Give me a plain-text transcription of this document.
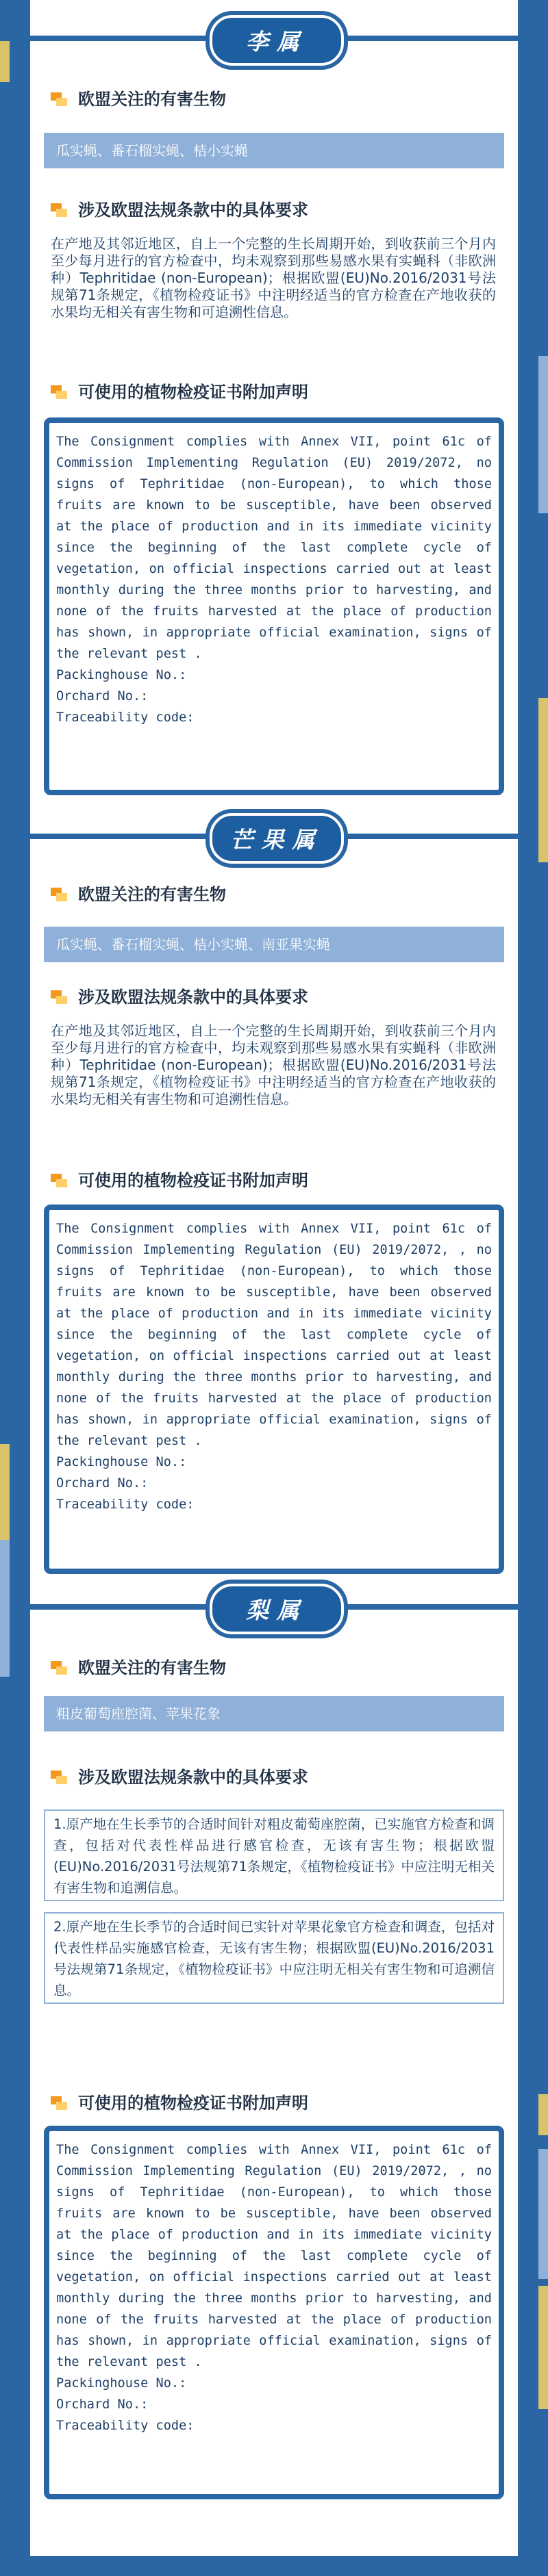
李属
欧盟关注的有害生物
瓜实蝇、番石榴实蝇、桔小实蝇
涉及欧盟法规条款中的具体要求

在产地及其邻近地区，自上一个完整的生长周期开始，到收获前三个月内至少每月进行的官方检查中，均未观察到那些易感水果有实蝇科（非欧洲种）Tephritidae (non-European)；根据欧盟(EU)No.2016/2031号法规第71条规定，《植物检疫证书》中注明经适当的官方检查在产地收获的水果均无相关有害生物和可追溯性信息。

可使用的植物检疫证书附加声明
The Consignment complies with Annex VII, point 61c of Commission Implementing Regulation (EU) 2019/2072, no signs of Tephritidae (non-European), to which those fruits are known to be susceptible, have been observed at the place of production and in its immediate vicinity since the beginning of the last complete cycle of vegetation, on official inspections carried out at least monthly during the three months prior to harvesting, and none of the fruits harvested at the place of production has shown, in appropriate official examination, signs of the relevant pest .
Packinghouse No.:
Orchard No.:
Traceability code:
芒果属
欧盟关注的有害生物
瓜实蝇、番石榴实蝇、桔小实蝇、南亚果实蝇
涉及欧盟法规条款中的具体要求

在产地及其邻近地区，自上一个完整的生长周期开始，到收获前三个月内至少每月进行的官方检查中，均未观察到那些易感水果有实蝇科（非欧洲种）Tephritidae (non-European)；根据欧盟(EU)No.2016/2031号法规第71条规定，《植物检疫证书》中注明经适当的官方检查在产地收获的水果均无相关有害生物和可追溯性信息。

可使用的植物检疫证书附加声明
The Consignment complies with Annex VII, point 61c of Commission Implementing Regulation (EU) 2019/2072, , no signs of Tephritidae (non-European), to which those fruits are known to be susceptible, have been observed at the place of production and in its immediate vicinity since the beginning of the last complete cycle of vegetation, on official inspections carried out at least monthly during the three months prior to harvesting, and none of the fruits harvested at the place of production has shown, in appropriate official examination, signs of the relevant pest .
Packinghouse No.:
Orchard No.:
Traceability code:
梨属
欧盟关注的有害生物
粗皮葡萄座腔菌、苹果花象
涉及欧盟法规条款中的具体要求
1.原产地在生长季节的合适时间针对粗皮葡萄座腔菌，已实施官方检查和调查，包括对代表性样品进行感官检查，无该有害生物；根据欧盟(EU)No.2016/2031号法规第71条规定，《植物检疫证书》中应注明无相关有害生物和追溯信息。
2.原产地在生长季节的合适时间已实针对苹果花象官方检查和调查，包括对代表性样品实施感官检查，无该有害生物；根据欧盟(EU)No.2016/2031号法规第71条规定，《植物检疫证书》中应注明无相关有害生物和可追溯信息。
可使用的植物检疫证书附加声明
The Consignment complies with Annex VII, point 61c of Commission Implementing Regulation (EU) 2019/2072, , no signs of Tephritidae (non-European), to which those fruits are known to be susceptible, have been observed at the place of production and in its immediate vicinity since the beginning of the last complete cycle of vegetation, on official inspections carried out at least monthly during the three months prior to harvesting, and none of the fruits harvested at the place of production has shown, in appropriate official examination, signs of the relevant pest .
Packinghouse No.:
Orchard No.:
Traceability code:
